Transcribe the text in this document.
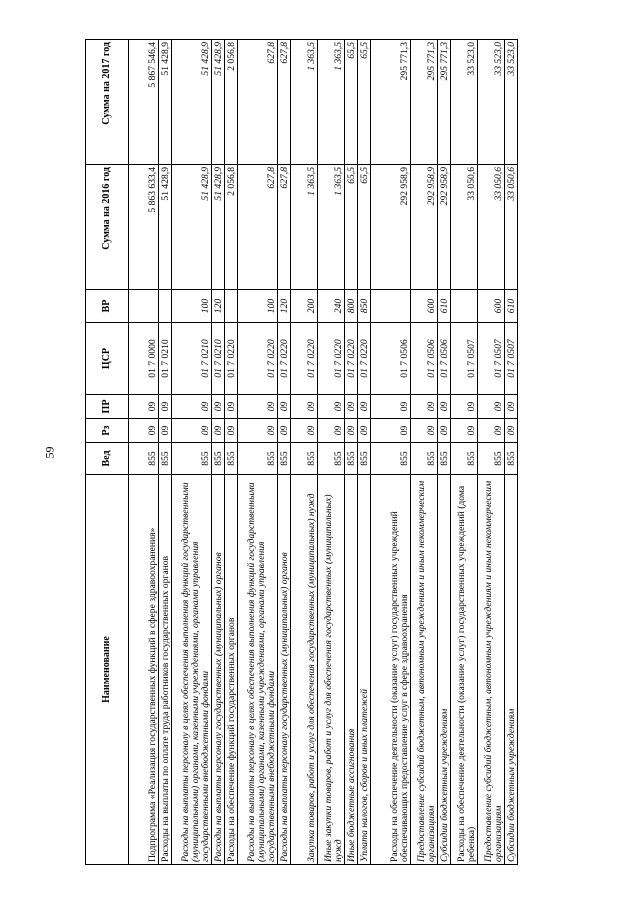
59
Наименование	Вед	Рз	ПР	ЦСР	ВР	Сумма на 2016 год	Сумма на 2017 год
Подпрограмма «Реализация государственных функций в сфере здравоохранения»	855	09	09	01 7 0000		5 863 633,4	5 867 546,4
Расходы на выплаты по оплате труда работников государственных органов	855	09	09	01 7 0210		51 428,9	51 428,9
Расходы на выплаты персоналу в целях обеспечения выполнения функций государственными (муниципальными) органами, казенными учреждениями, органами управления государственными внебюджетными фондами	855	09	09	01 7 0210	100	51 428,9	51 428,9
Расходы на выплаты персоналу государственных (муниципальных) органов	855	09	09	01 7 0210	120	51 428,9	51 428,9
Расходы на обеспечение функций государственных органов	855	09	09	01 7 0220		2 056,8	2 056,8
Расходы на выплаты персоналу в целях обеспечения выполнения функций государственными (муниципальными) органами, казенными учреждениями, органами управления государственными внебюджетными фондами	855	09	09	01 7 0220	100	627,8	627,8
Расходы на выплаты персоналу государственных (муниципальных) органов	855	09	09	01 7 0220	120	627,8	627,8
Закупка товаров, работ и услуг для обеспечения государственных (муниципальных) нужд	855	09	09	01 7 0220	200	1 363,5	1 363,5
Иные закупки товаров, работ и услуг для обеспечения государственных (муниципальных) нужд	855	09	09	01 7 0220	240	1 363,5	1 363,5
Иные бюджетные ассигнования	855	09	09	01 7 0220	800	65,5	65,5
Уплата налогов, сборов и иных платежей	855	09	09	01 7 0220	850	65,5	65,5
Расходы на обеспечение деятельности (оказание услуг) государственных учреждений обеспечивающих предоставление услуг в сфере здравоохранения	855	09	09	01 7 0506		292 958,9	295 771,3
Предоставление субсидий бюджетным, автономным учреждениям и иным некоммерческим организациям	855	09	09	01 7 0506	600	292 958,9	295 771,3
Субсидии бюджетным учреждениям	855	09	09	01 7 0506	610	292 958,9	295 771,3
Расходы на обеспечение деятельности (оказание услуг) государственных учреждений (дома ребенка)	855	09	09	01 7 0507		33 050,6	33 523,0
Предоставление субсидий бюджетным, автономным учреждениям и иным некоммерческим организациям	855	09	09	01 7 0507	600	33 050,6	33 523,0
Субсидии бюджетным учреждениям	855	09	09	01 7 0507	610	33 050,6	33 523,0
